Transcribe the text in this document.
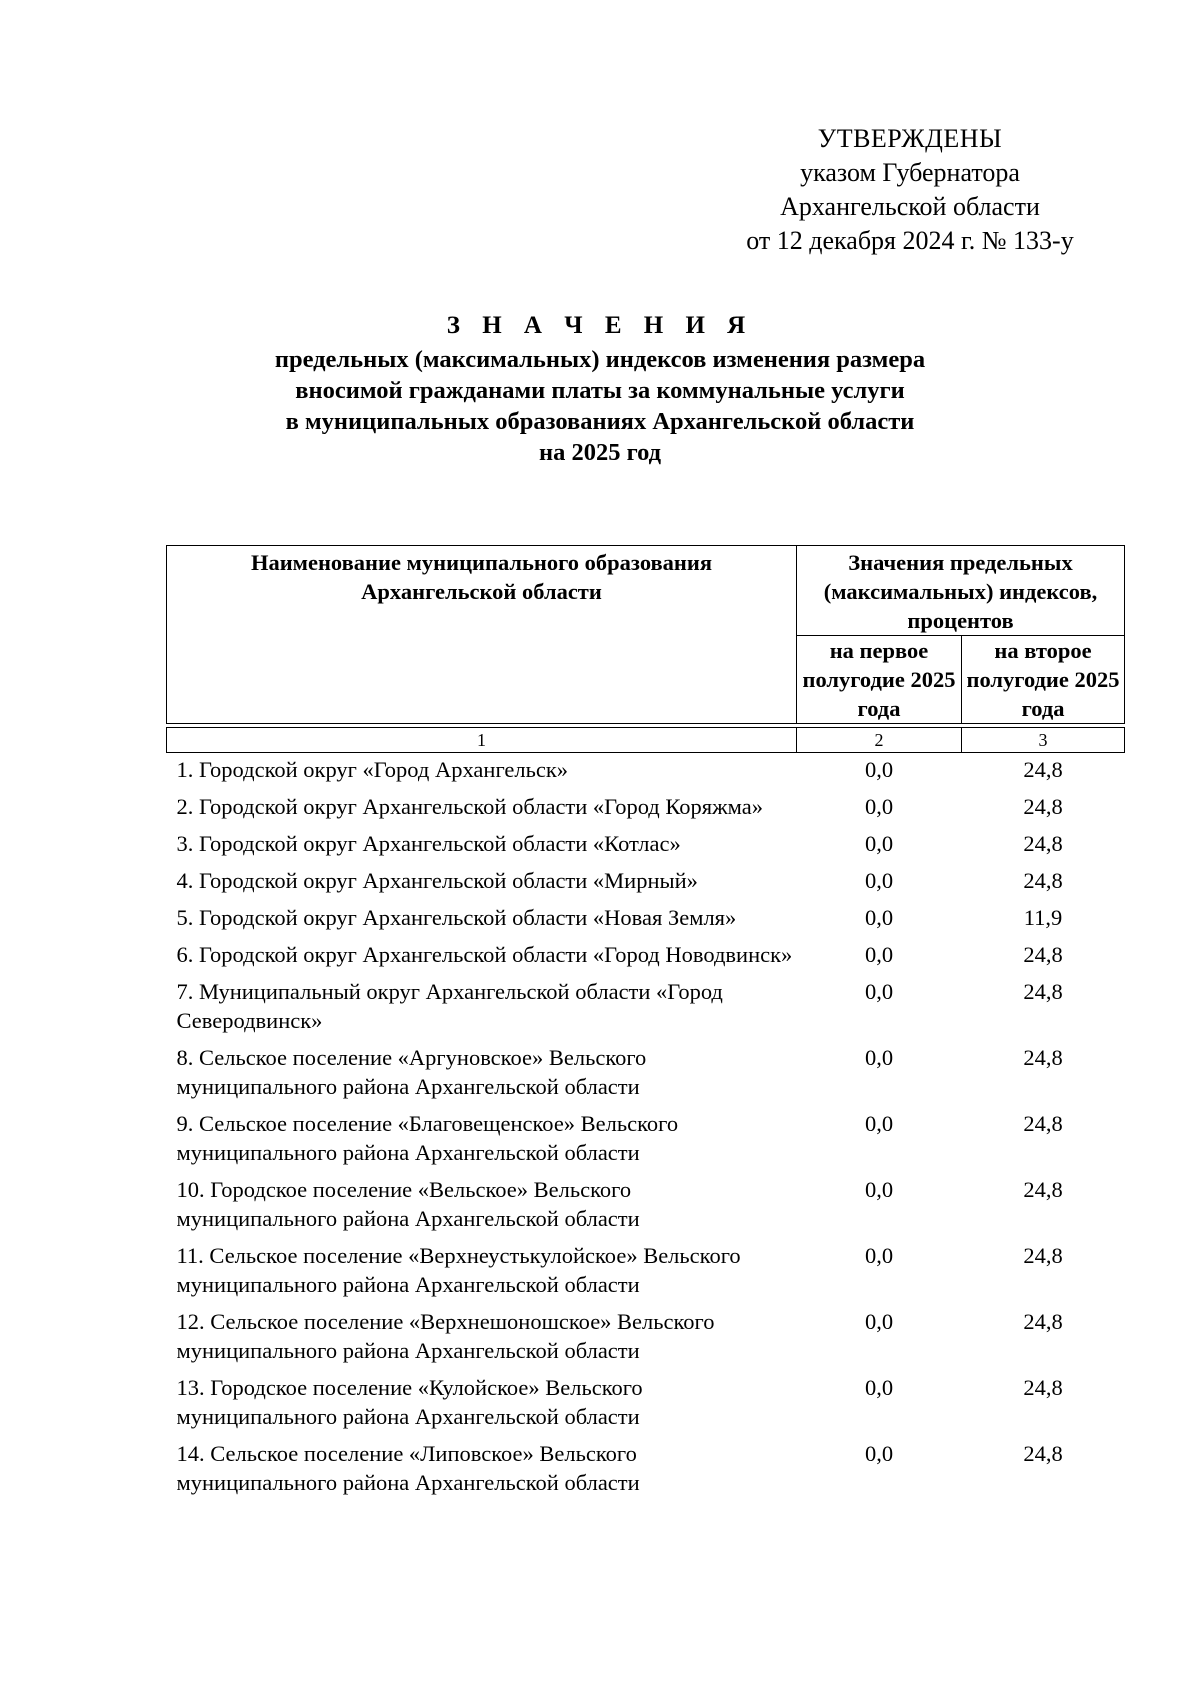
УТВЕРЖДЕНЫ
указом Губернатора
Архангельской области
от 12 декабря 2024 г. № 133-у
З Н А Ч Е Н И Я
предельных (максимальных) индексов изменения размера
вносимой гражданами платы за коммунальные услуги
в муниципальных образованиях Архангельской области
на 2025 год
Наименование муниципального образования Архангельской области	Значения предельных (максимальных) индексов, процентов	
	на первое полугодие 2025 года	на второе полугодие 2025 года

1	2	3
1. Городской округ «Город Архангельск»	0,0	24,8
2. Городской округ Архангельской области «Город Коряжма»	0,0	24,8
3. Городской округ Архангельской области «Котлас»	0,0	24,8
4. Городской округ Архангельской области «Мирный»	0,0	24,8
5. Городской округ Архангельской области «Новая Земля»	0,0	11,9
6. Городской округ Архангельской области «Город Новодвинск»	0,0	24,8
7. Муниципальный округ Архангельской области «Город Северодвинск»	0,0	24,8
8. Сельское поселение «Аргуновское» Вельского муниципального района Архангельской области	0,0	24,8
9. Сельское поселение «Благовещенское» Вельского муниципального района Архангельской области	0,0	24,8
10. Городское поселение «Вельское» Вельского муниципального района Архангельской области	0,0	24,8
11. Сельское поселение «Верхнеустькулойское» Вельского муниципального района Архангельской области	0,0	24,8
12. Сельское поселение «Верхнешоношское» Вельского муниципального района Архангельской области	0,0	24,8
13. Городское поселение «Кулойское» Вельского муниципального района Архангельской области	0,0	24,8
14. Сельское поселение «Липовское» Вельского муниципального района Архангельской области	0,0	24,8
